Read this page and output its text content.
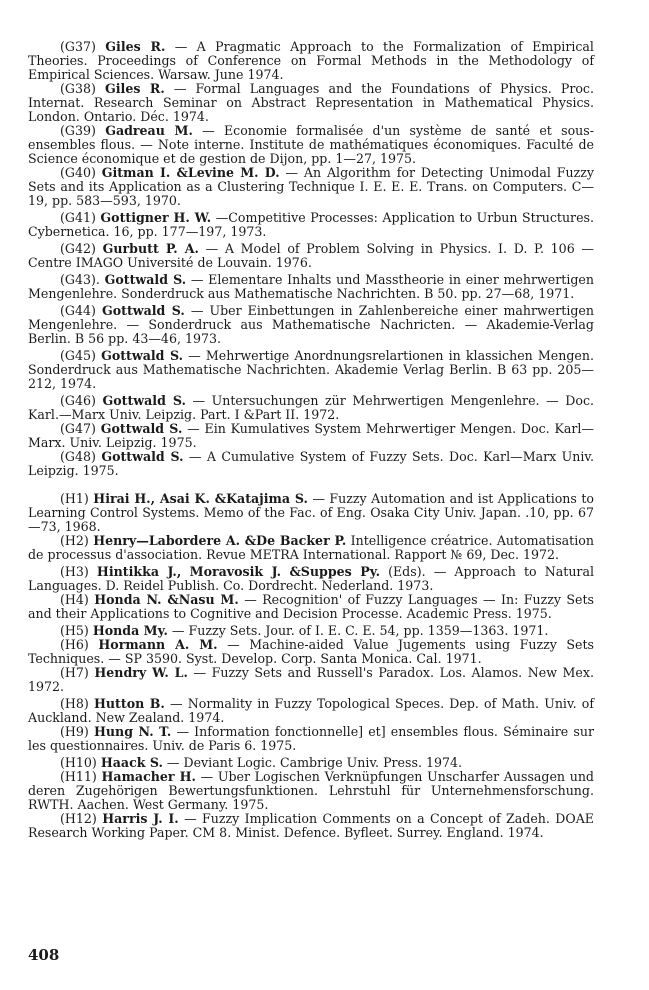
(G37) Giles R. — A Pragmatic Approach to the Formalization of Empirical Theories. Proceedings of Conference on Formal Methods in the Methodology of Empirical Sciences. Warsaw. June 1974.

(G38) Giles R. — Formal Languages and the Foundations of Physics. Proc. Internat. Research Seminar on Abstract Representation in Mathematical Physics. London. Ontario. Déc. 1974.

(G39) Gadreau M. — Economie formalisée d'un système de santé et sous-ensembles flous. — Note interne. Institute de mathématiques économiques. Faculté de Science économique et de gestion de Dijon, pp. 1—27, 1975.

(G40) Gitman I. &Levine M. D. — An Algorithm for Detecting Unimodal Fuzzy Sets and its Application as a Clustering Technique I. E. E. E. Trans. on Computers. C—19, pp. 583—593, 1970.

(G41) Gottigner H. W. —Competitive Processes: Application to Urbun Structures. Cybernetica. 16, pp. 177—197, 1973.

(G42) Gurbutt P. A. — A Model of Problem Solving in Physics. I. D. P. 106 — Centre IMAGO Université de Louvain. 1976.

(G43). Gottwald S. — Elementare Inhalts und Masstheorie in einer mehrwertigen Mengenlehre. Sonderdruck aus Mathematische Nachrichten. B 50. pp. 27—68, 1971.

(G44) Gottwald S. — Uber Einbettungen in Zahlenbereiche einer mahrwertigen Mengenlehre. — Sonderdruck aus Mathematische Nachricten. — Akademie-Verlag Berlin. B 56 pp. 43—46, 1973.

(G45) Gottwald S. — Mehrwertige Anordnungsrelartionen in klassichen Mengen. Sonderdruck aus Mathematische Nachrichten. Akademie Verlag Berlin. B 63 pp. 205—212, 1974.

(G46) Gottwald S. — Untersuchungen zür Mehrwertigen Mengenlehre. — Doc. Karl.—Marx Univ. Leipzig. Part. I &Part II. 1972.

(G47) Gottwald S. — Ein Kumulatives System Mehrwertiger Mengen. Doc. Karl—Marx. Univ. Leipzig. 1975.

(G48) Gottwald S. — A Cumulative System of Fuzzy Sets. Doc. Karl—Marx Univ. Leipzig. 1975.

(H1) Hirai H., Asai K. &Katajima S. — Fuzzy Automation and ist Applications to Learning Control Systems. Memo of the Fac. of Eng. Osaka City Univ. Japan. .10, pp. 67—73, 1968.

(H2) Henry—Labordere A. &De Backer P. Intelligence créatrice. Automatisation de processus d'association. Revue METRA International. Rapport № 69, Dec. 1972.

(H3) Hintikka J., Moravosik J. &Suppes Py. (Eds). — Approach to Natural Languages. D. Reidel Publish. Co. Dordrecht. Nederland. 1973.

(H4) Honda N. &Nasu M. — Recognition' of Fuzzy Languages — In: Fuzzy Sets and their Applications to Cognitive and Decision Processe. Academic Press. 1975.

(H5) Honda My. — Fuzzy Sets. Jour. of I. E. C. E. 54, pp. 1359—1363. 1971.

(H6) Hormann A. M. — Machine-aided Value Jugements using Fuzzy Sets Techniques. — SP 3590. Syst. Develop. Corp. Santa Monica. Cal. 1971.

(H7) Hendry W. L. — Fuzzy Sets and Russell's Paradox. Los. Alamos. New Mex. 1972.

(H8) Hutton B. — Normality in Fuzzy Topological Speces. Dep. of Math. Univ. of Auckland. New Zealand. 1974.

(H9) Hung N. T. — Information fonctionnelle] et] ensembles flous. Séminaire sur les questionnaires. Univ. de Paris 6. 1975.

(H10) Haack S. — Deviant Logic. Cambrige Univ. Press. 1974.

(H11) Hamacher H. — Uber Logischen Verknüpfungen Unscharfer Aussagen und deren Zugehörigen Bewertungsfunktionen. Lehrstuhl für Unternehmensforschung. RWTH. Aachen. West Germany. 1975.

(H12) Harris J. I. — Fuzzy Implication Comments on a Concept of Zadeh. DOAE Research Working Paper. CM 8. Minist. Defence. Byfleet. Surrey. England. 1974.

408
